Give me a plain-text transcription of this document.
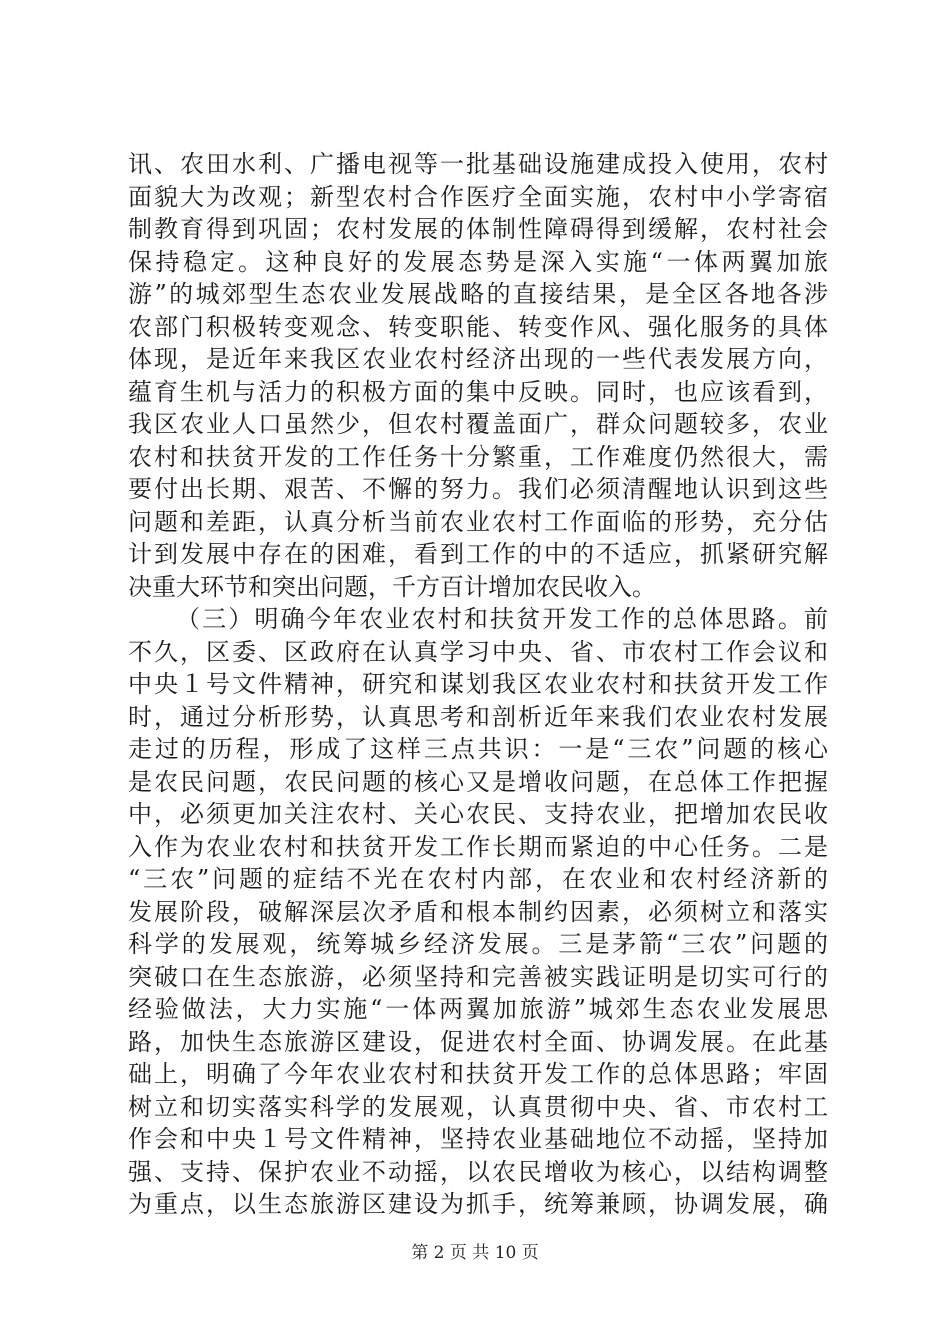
讯、农田水利、广播电视等一批基础设施建成投入使用，农村
面貌大为改观；新型农村合作医疗全面实施，农村中小学寄宿
制教育得到巩固；农村发展的体制性障碍得到缓解，农村社会
保持稳定。这种良好的发展态势是深入实施“一体两翼加旅
游”的城郊型生态农业发展战略的直接结果，是全区各地各涉
农部门积极转变观念、转变职能、转变作风、强化服务的具体
体现，是近年来我区农业农村经济出现的一些代表发展方向，
蕴育生机与活力的积极方面的集中反映。同时，也应该看到，
我区农业人口虽然少，但农村覆盖面广，群众问题较多，农业
农村和扶贫开发的工作任务十分繁重，工作难度仍然很大，需
要付出长期、艰苦、不懈的努力。我们必须清醒地认识到这些
问题和差距，认真分析当前农业农村工作面临的形势，充分估
计到发展中存在的困难，看到工作的中的不适应，抓紧研究解
决重大环节和突出问题，千方百计增加农民收入。
（三）明确今年农业农村和扶贫开发工作的总体思路。前
不久，区委、区政府在认真学习中央、省、市农村工作会议和
中央１号文件精神，研究和谋划我区农业农村和扶贫开发工作
时，通过分析形势，认真思考和剖析近年来我们农业农村发展
走过的历程，形成了这样三点共识：一是“三农”问题的核心
是农民问题，农民问题的核心又是增收问题，在总体工作把握
中，必须更加关注农村、关心农民、支持农业，把增加农民收
入作为农业农村和扶贫开发工作长期而紧迫的中心任务。二是
“三农”问题的症结不光在农村内部，在农业和农村经济新的
发展阶段，破解深层次矛盾和根本制约因素，必须树立和落实
科学的发展观，统筹城乡经济发展。三是茅箭“三农”问题的
突破口在生态旅游，必须坚持和完善被实践证明是切实可行的
经验做法，大力实施“一体两翼加旅游”城郊生态农业发展思
路，加快生态旅游区建设，促进农村全面、协调发展。在此基
础上，明确了今年农业农村和扶贫开发工作的总体思路；牢固
树立和切实落实科学的发展观，认真贯彻中央、省、市农村工
作会和中央１号文件精神，坚持农业基础地位不动摇，坚持加
强、支持、保护农业不动摇，以农民增收为核心，以结构调整
为重点，以生态旅游区建设为抓手，统筹兼顾，协调发展，确
第 2 页 共 10 页
